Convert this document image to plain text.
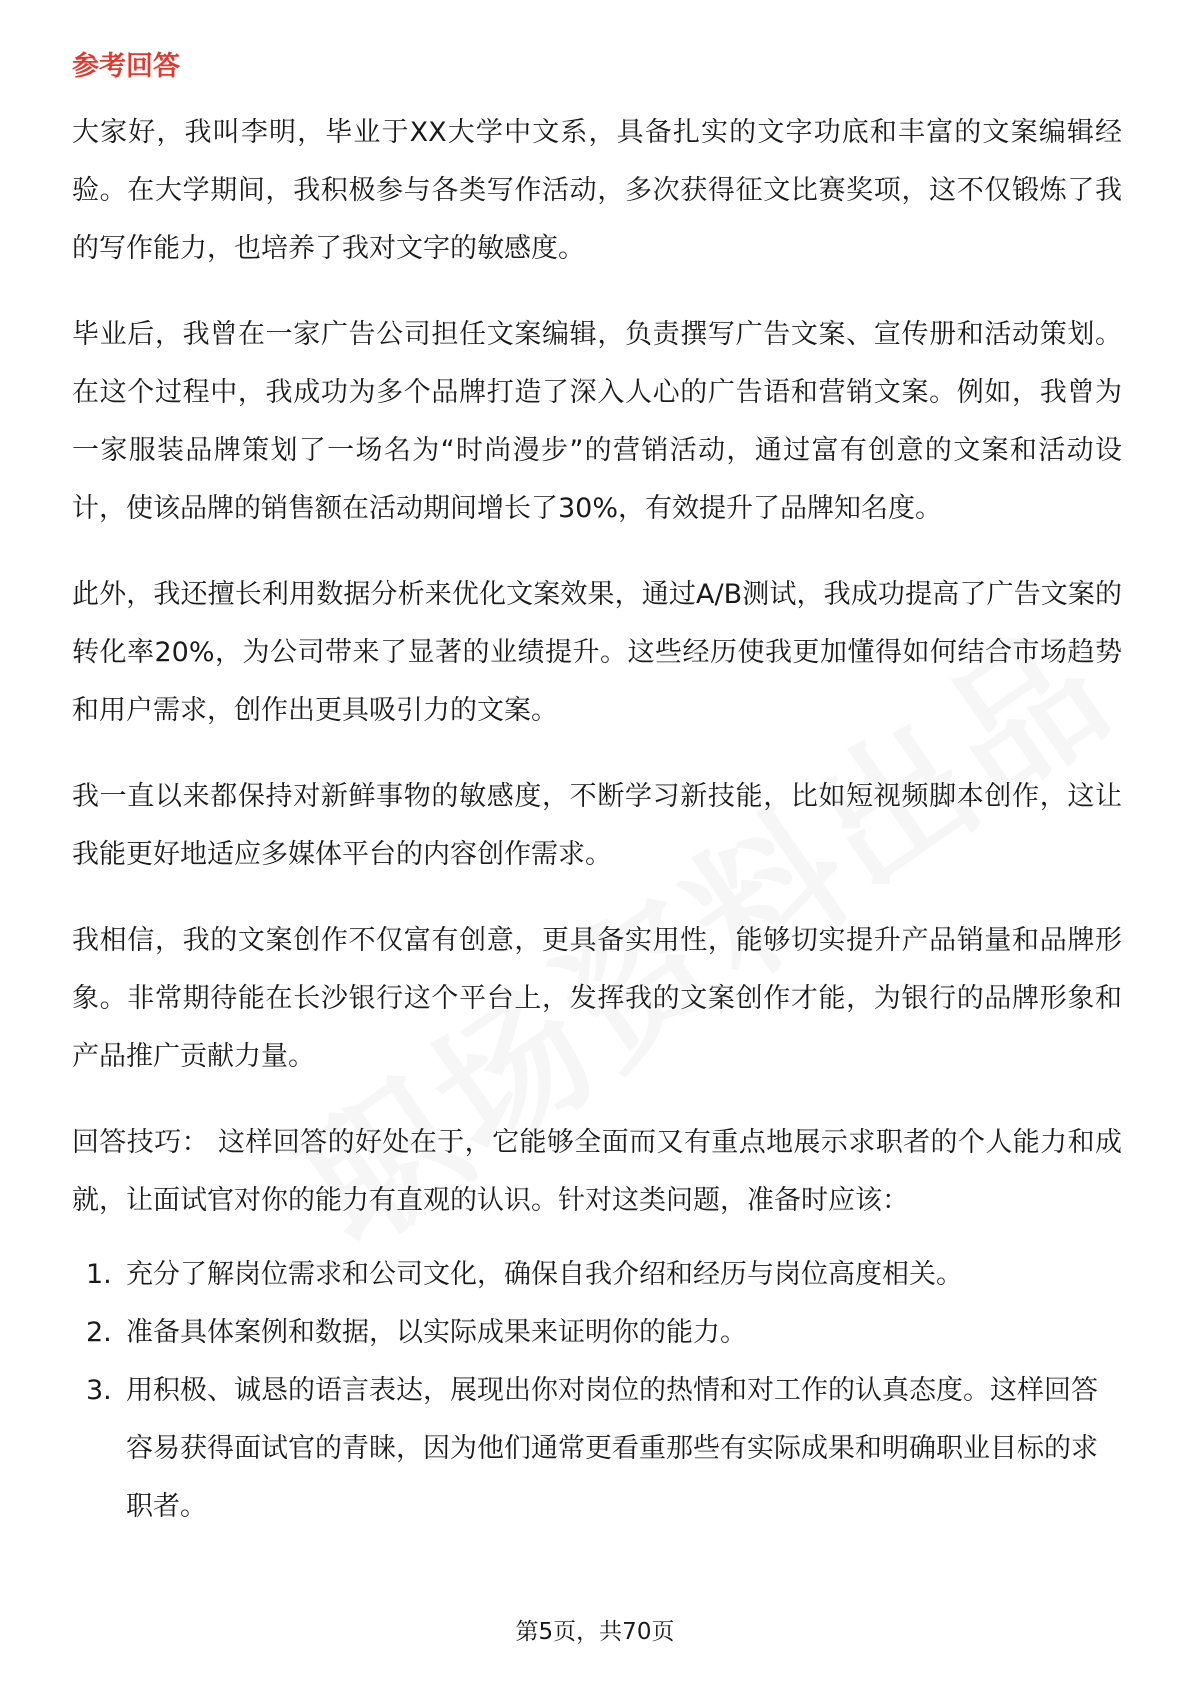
参考回答

大家好，我叫李明，毕业于XX大学中文系，具备扎实的文字功底和丰富的文案编辑经验。在大学期间，我积极参与各类写作活动，多次获得征文比赛奖项，这不仅锻炼了我的写作能力，也培养了我对文字的敏感度。

毕业后，我曾在一家广告公司担任文案编辑，负责撰写广告文案、宣传册和活动策划。在这个过程中，我成功为多个品牌打造了深入人心的广告语和营销文案。例如，我曾为一家服装品牌策划了一场名为“时尚漫步”的营销活动，通过富有创意的文案和活动设计，使该品牌的销售额在活动期间增长了30%，有效提升了品牌知名度。

此外，我还擅长利用数据分析来优化文案效果，通过A/B测试，我成功提高了广告文案的转化率20%，为公司带来了显著的业绩提升。这些经历使我更加懂得如何结合市场趋势和用户需求，创作出更具吸引力的文案。

我一直以来都保持对新鲜事物的敏感度，不断学习新技能，比如短视频脚本创作，这让我能更好地适应多媒体平台的内容创作需求。

我相信，我的文案创作不仅富有创意，更具备实用性，能够切实提升产品销量和品牌形象。非常期待能在长沙银行这个平台上，发挥我的文案创作才能，为银行的品牌形象和产品推广贡献力量。

回答技巧： 这样回答的好处在于，它能够全面而又有重点地展示求职者的个人能力和成就，让面试官对你的能力有直观的认识。针对这类问题，准备时应该：

1. 充分了解岗位需求和公司文化，确保自我介绍和经历与岗位高度相关。
2. 准备具体案例和数据，以实际成果来证明你的能力。
3. 用积极、诚恳的语言表达，展现出你对岗位的热情和对工作的认真态度。这样回答容易获得面试官的青睐，因为他们通常更看重那些有实际成果和明确职业目标的求职者。
第5页，共70页
